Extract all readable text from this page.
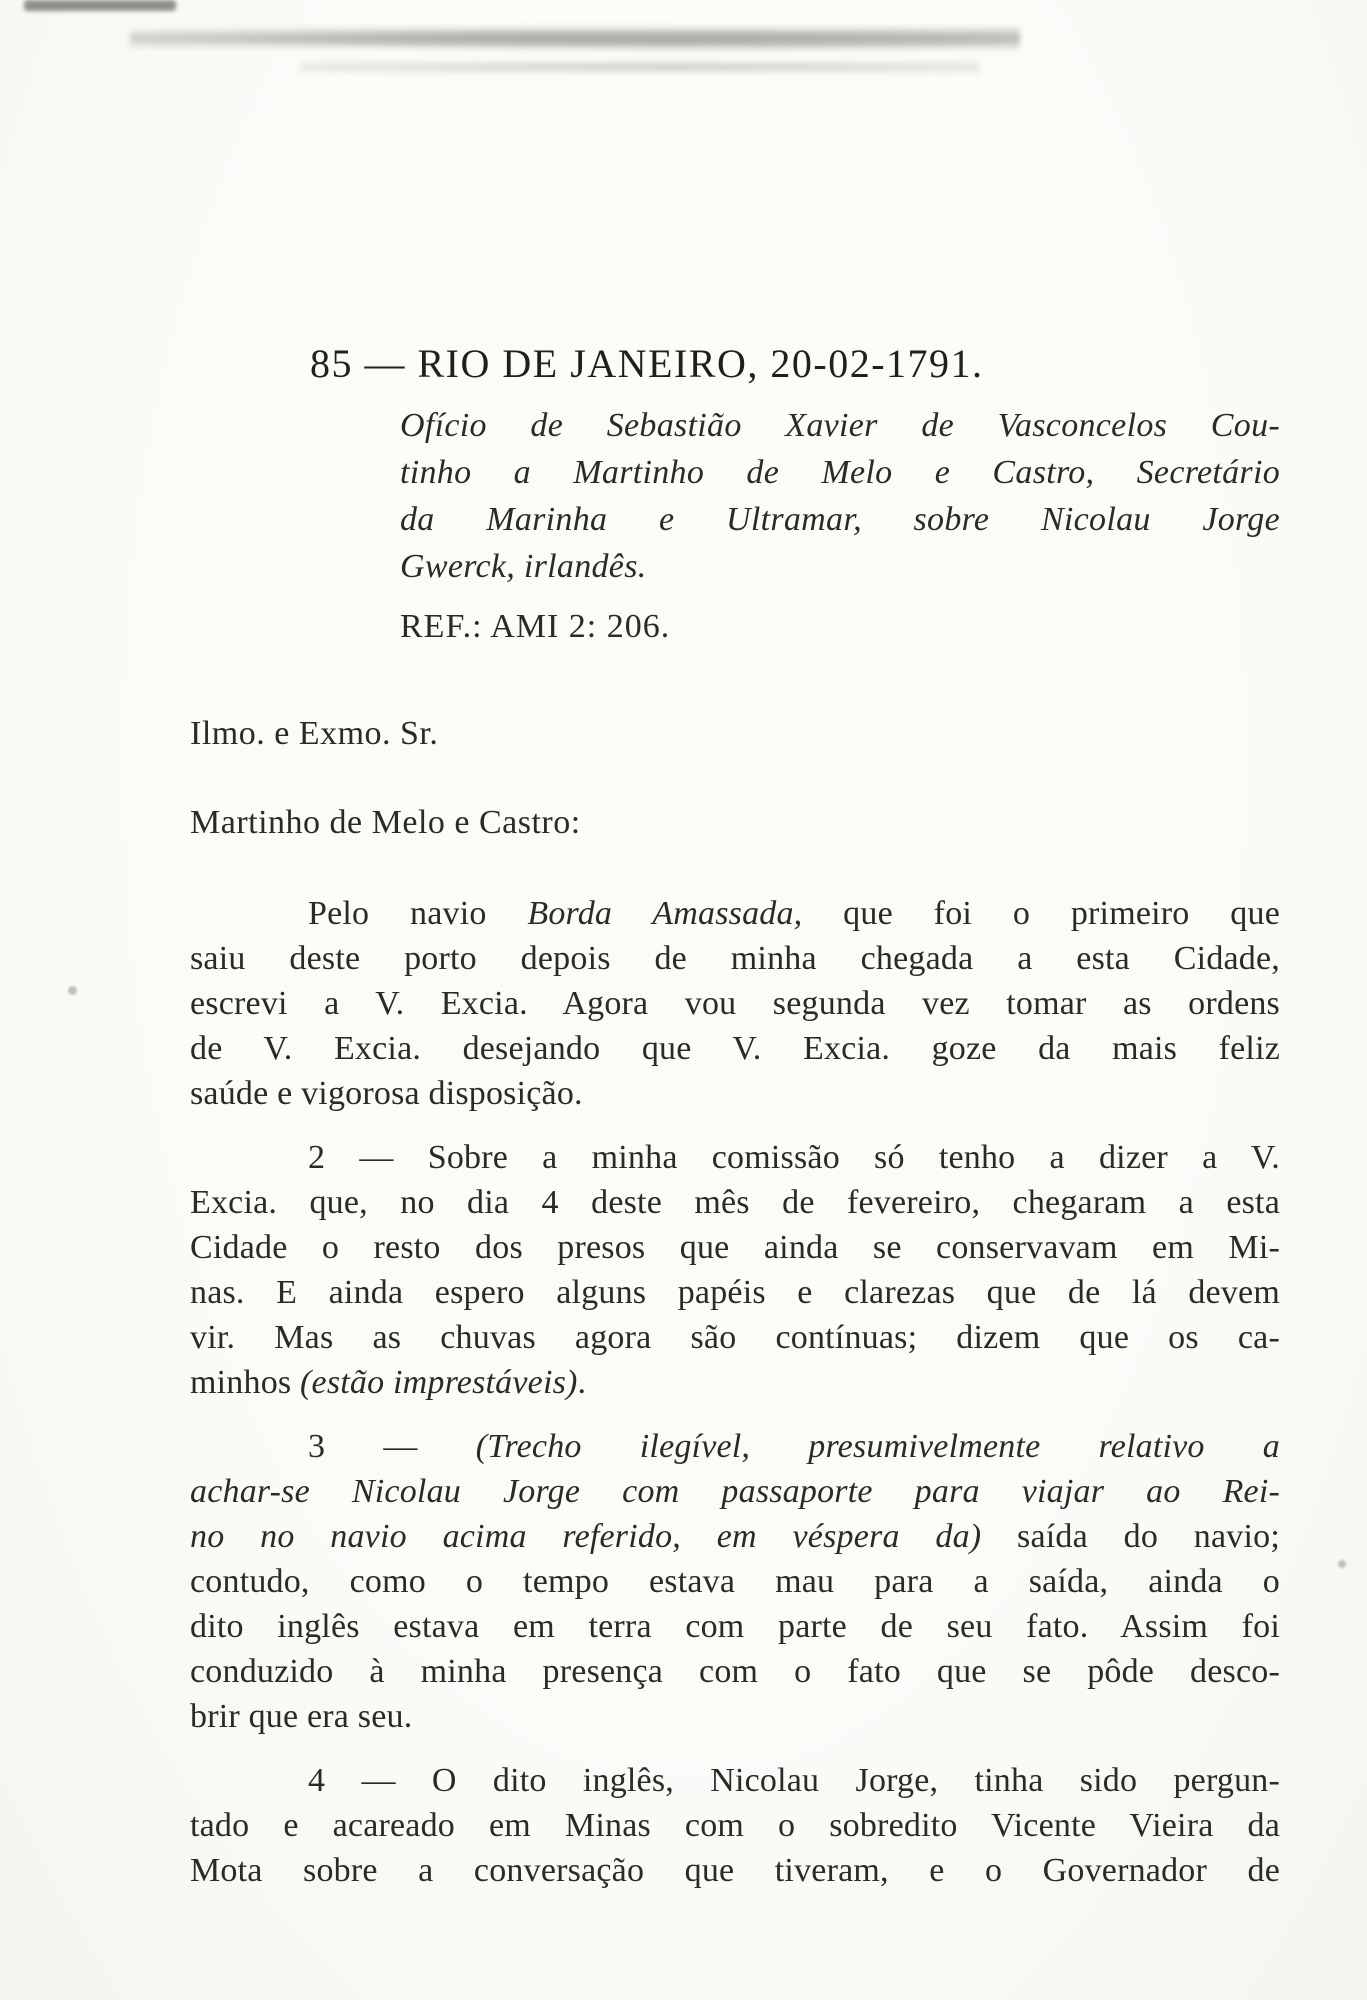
85 — RIO DE JANEIRO, 20-02-1791.
Ofício de Sebastião Xavier de Vasconcelos Cou-
tinho a Martinho de Melo e Castro, Secretário
da Marinha e Ultramar, sobre Nicolau Jorge
Gwerck, irlandês.
REF.: AMI 2: 206.
Ilmo. e Exmo. Sr.
Martinho de Melo e Castro:
Pelo navio Borda Amassada, que foi o primeiro que
saiu deste porto depois de minha chegada a esta Cidade,
escrevi a V. Excia. Agora vou segunda vez tomar as ordens
de V. Excia. desejando que V. Excia. goze da mais feliz
saúde e vigorosa disposição.
2 — Sobre a minha comissão só tenho a dizer a V.
Excia. que, no dia 4 deste mês de fevereiro, chegaram a esta
Cidade o resto dos presos que ainda se conservavam em Mi-
nas. E ainda espero alguns papéis e clarezas que de lá devem
vir. Mas as chuvas agora são contínuas; dizem que os ca-
minhos (estão imprestáveis).
3 — (Trecho ilegível, presumivelmente relativo a
achar-se Nicolau Jorge com passaporte para viajar ao Rei-
no no navio acima referido, em véspera da) saída do navio;
contudo, como o tempo estava mau para a saída, ainda o
dito inglês estava em terra com parte de seu fato. Assim foi
conduzido à minha presença com o fato que se pôde desco-
brir que era seu.
4 — O dito inglês, Nicolau Jorge, tinha sido pergun-
tado e acareado em Minas com o sobredito Vicente Vieira da
Mota sobre a conversação que tiveram, e o Governador de
